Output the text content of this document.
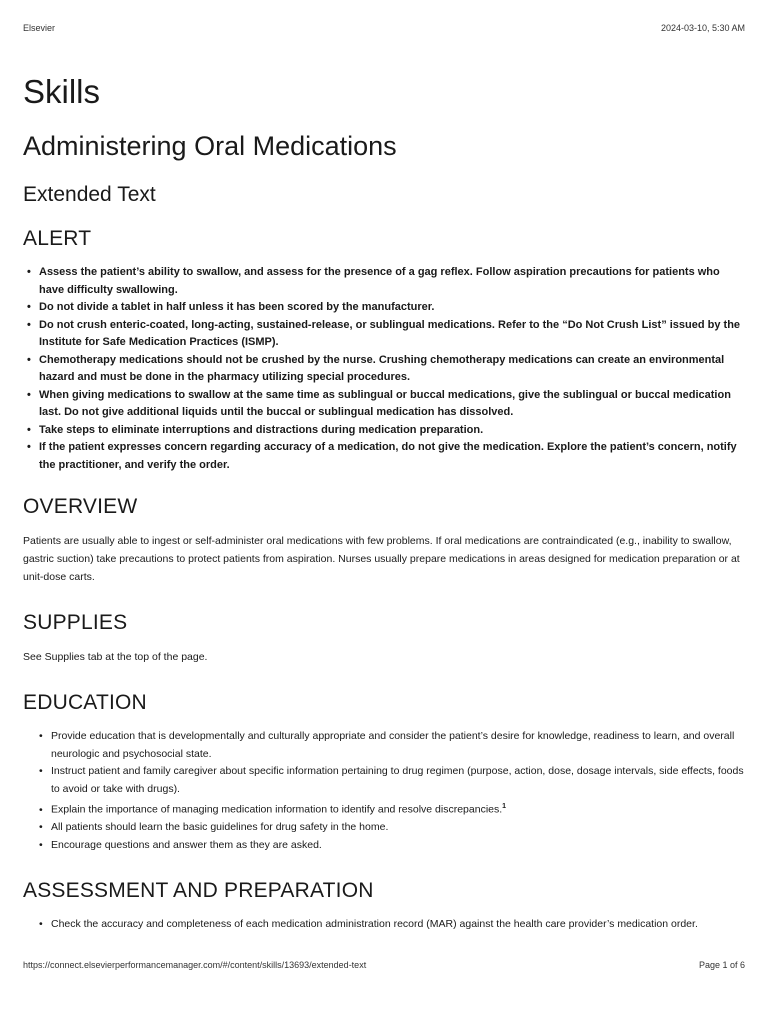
Elsevier	2024-03-10, 5:30 AM
Skills
Administering Oral Medications
Extended Text
ALERT
• Assess the patient’s ability to swallow, and assess for the presence of a gag reflex. Follow aspiration precautions for patients who have difficulty swallowing.
• Do not divide a tablet in half unless it has been scored by the manufacturer.
• Do not crush enteric-coated, long-acting, sustained-release, or sublingual medications. Refer to the “Do Not Crush List” issued by the Institute for Safe Medication Practices (ISMP).
• Chemotherapy medications should not be crushed by the nurse. Crushing chemotherapy medications can create an environmental hazard and must be done in the pharmacy utilizing special procedures.
• When giving medications to swallow at the same time as sublingual or buccal medications, give the sublingual or buccal medication last. Do not give additional liquids until the buccal or sublingual medication has dissolved.
• Take steps to eliminate interruptions and distractions during medication preparation.
• If the patient expresses concern regarding accuracy of a medication, do not give the medication. Explore the patient’s concern, notify the practitioner, and verify the order.
OVERVIEW

Patients are usually able to ingest or self-administer oral medications with few problems. If oral medications are contraindicated (e.g., inability to swallow, gastric suction) take precautions to protect patients from aspiration. Nurses usually prepare medications in areas designed for medication preparation or at unit-dose carts.

SUPPLIES

See Supplies tab at the top of the page.

EDUCATION
• Provide education that is developmentally and culturally appropriate and consider the patient’s desire for knowledge, readiness to learn, and overall neurologic and psychosocial state.
• Instruct patient and family caregiver about specific information pertaining to drug regimen (purpose, action, dose, dosage intervals, side effects, foods to avoid or take with drugs).
• Explain the importance of managing medication information to identify and resolve discrepancies.$^1$
• All patients should learn the basic guidelines for drug safety in the home.
• Encourage questions and answer them as they are asked.
ASSESSMENT AND PREPARATION
• Check the accuracy and completeness of each medication administration record (MAR) against the health care provider’s medication order.
https://connect.elsevierperformancemanager.com/#/content/skills/13693/extended-text	Page 1 of 6
